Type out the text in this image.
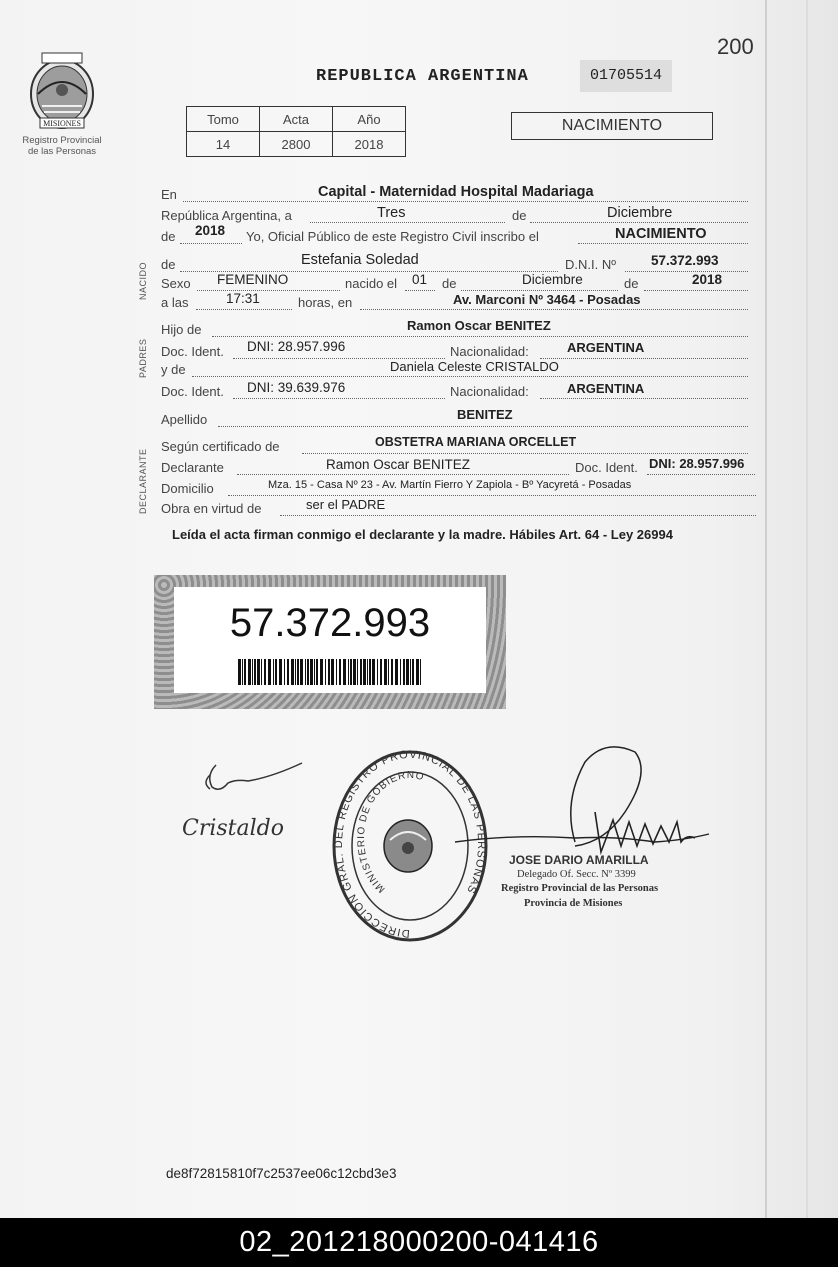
200
MISIONES
Registro Provincial
de las Personas
REPUBLICA ARGENTINA	01705514
Tomo	Acta	Año
14	2800	2018
NACIMIENTO
NACIDO
PADRES
DECLARANTE
En	Capital - Maternidad Hospital Madariaga
República Argentina, a	Tres	de	Diciembre
de 2018 Yo, Oficial Público de este Registro Civil inscribo el	NACIMIENTO
de	Estefania Soledad	D.N.I. Nº	57.372.993
Sexo FEMENINO	nacido el 01 de	Diciembre	de	2018
a las	17:31	horas, en	Av. Marconi Nº 3464 - Posadas
Hijo de	Ramon Oscar BENITEZ
Doc. Ident. DNI: 28.957.996	Nacionalidad:	ARGENTINA
y de	Daniela Celeste CRISTALDO
Doc. Ident. DNI: 39.639.976	Nacionalidad:	ARGENTINA
Apellido	BENITEZ
Según certificado de	OBSTETRA MARIANA ORCELLET
Declarante	Ramon Oscar BENITEZ	Doc. Ident. DNI: 28.957.996
Domicilio	Mza. 15 - Casa Nº 23 - Av. Martín Fierro Y Zapiola - Bº Yacyretá - Posadas
Obra en virtud de	ser el PADRE
Leída el acta firman conmigo el declarante y la madre. Hábiles Art. 64 - Ley 26994
57.372.993
Cristaldo
DIRECCION GRAL. DEL REGISTRO PROVINCIAL DE LAS PERSONAS
MINISTERIO DE GOBIERNO
JOSE DARIO AMARILLA
Delegado Of. Secc. Nº 3399
Registro Provincial de las Personas
Provincia de Misiones
de8f72815810f7c2537ee06c12cbd3e3
02_201218000200-041416
